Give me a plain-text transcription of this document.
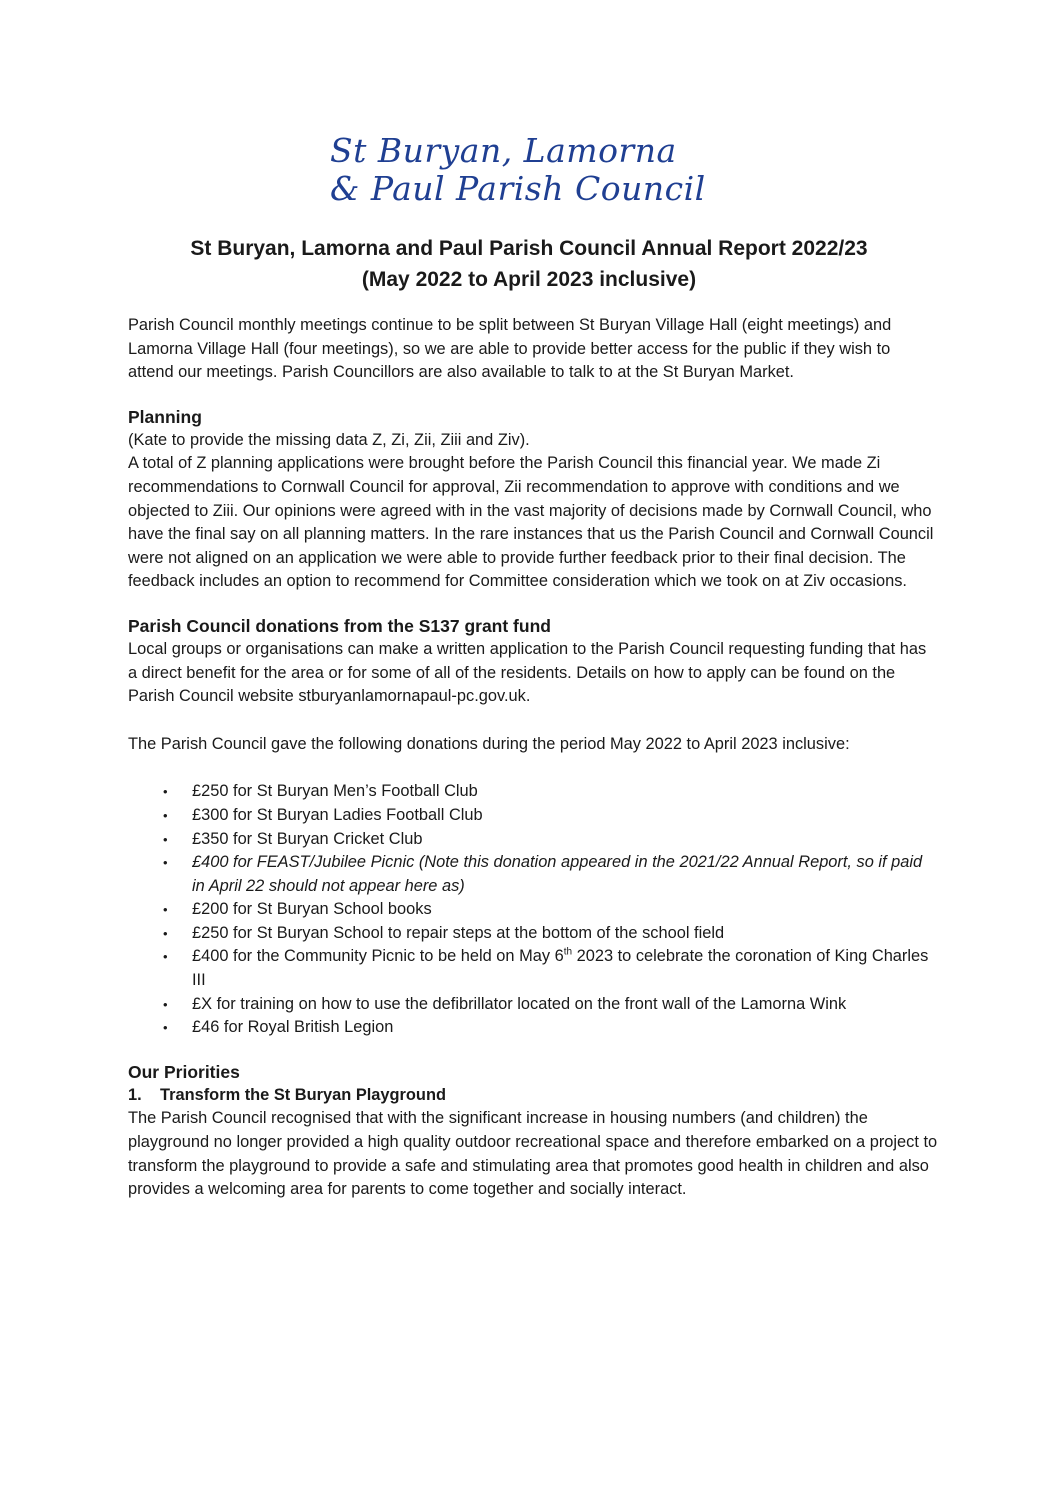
St Buryan, Lamorna
& Paul Parish Council
St Buryan, Lamorna and Paul Parish Council Annual Report 2022/23
(May 2022 to April 2023 inclusive)

Parish Council monthly meetings continue to be split between St Buryan Village Hall (eight meetings) and Lamorna Village Hall (four meetings), so we are able to provide better access for the public if they wish to attend our meetings. Parish Councillors are also available to talk to at the St Buryan Market.

Planning

(Kate to provide the missing data Z, Zi, Zii, Ziii and Ziv).

A total of Z planning applications were brought before the Parish Council this financial year. We made Zi recommendations to Cornwall Council for approval, Zii recommendation to approve with conditions and we objected to Ziii. Our opinions were agreed with in the vast majority of decisions made by Cornwall Council, who have the final say on all planning matters. In the rare instances that us the Parish Council and Cornwall Council were not aligned on an application we were able to provide further feedback prior to their final decision. The feedback includes an option to recommend for Committee consideration which we took on at Ziv occasions.

Parish Council donations from the S137 grant fund

Local groups or organisations can make a written application to the Parish Council requesting funding that has a direct benefit for the area or for some of all of the residents. Details on how to apply can be found on the Parish Council website stburyanlamornapaul-pc.gov.uk.

The Parish Council gave the following donations during the period May 2022 to April 2023 inclusive:

• £250 for St Buryan Men’s Football Club
• £300 for St Buryan Ladies Football Club
• £350 for St Buryan Cricket Club
• £400 for FEAST/Jubilee Picnic (Note this donation appeared in the 2021/22 Annual Report, so if paid in April 22 should not appear here as)
• £200 for St Buryan School books
• £250 for St Buryan School to repair steps at the bottom of the school field
• £400 for the Community Picnic to be held on May 6th 2023 to celebrate the coronation of King Charles III
• £X for training on how to use the defibrillator located on the front wall of the Lamorna Wink
• £46 for Royal British Legion
Our Priorities
1. Transform the St Buryan Playground

The Parish Council recognised that with the significant increase in housing numbers (and children) the playground no longer provided a high quality outdoor recreational space and therefore embarked on a project to transform the playground to provide a safe and stimulating area that promotes good health in children and also provides a welcoming area for parents to come together and socially interact.
